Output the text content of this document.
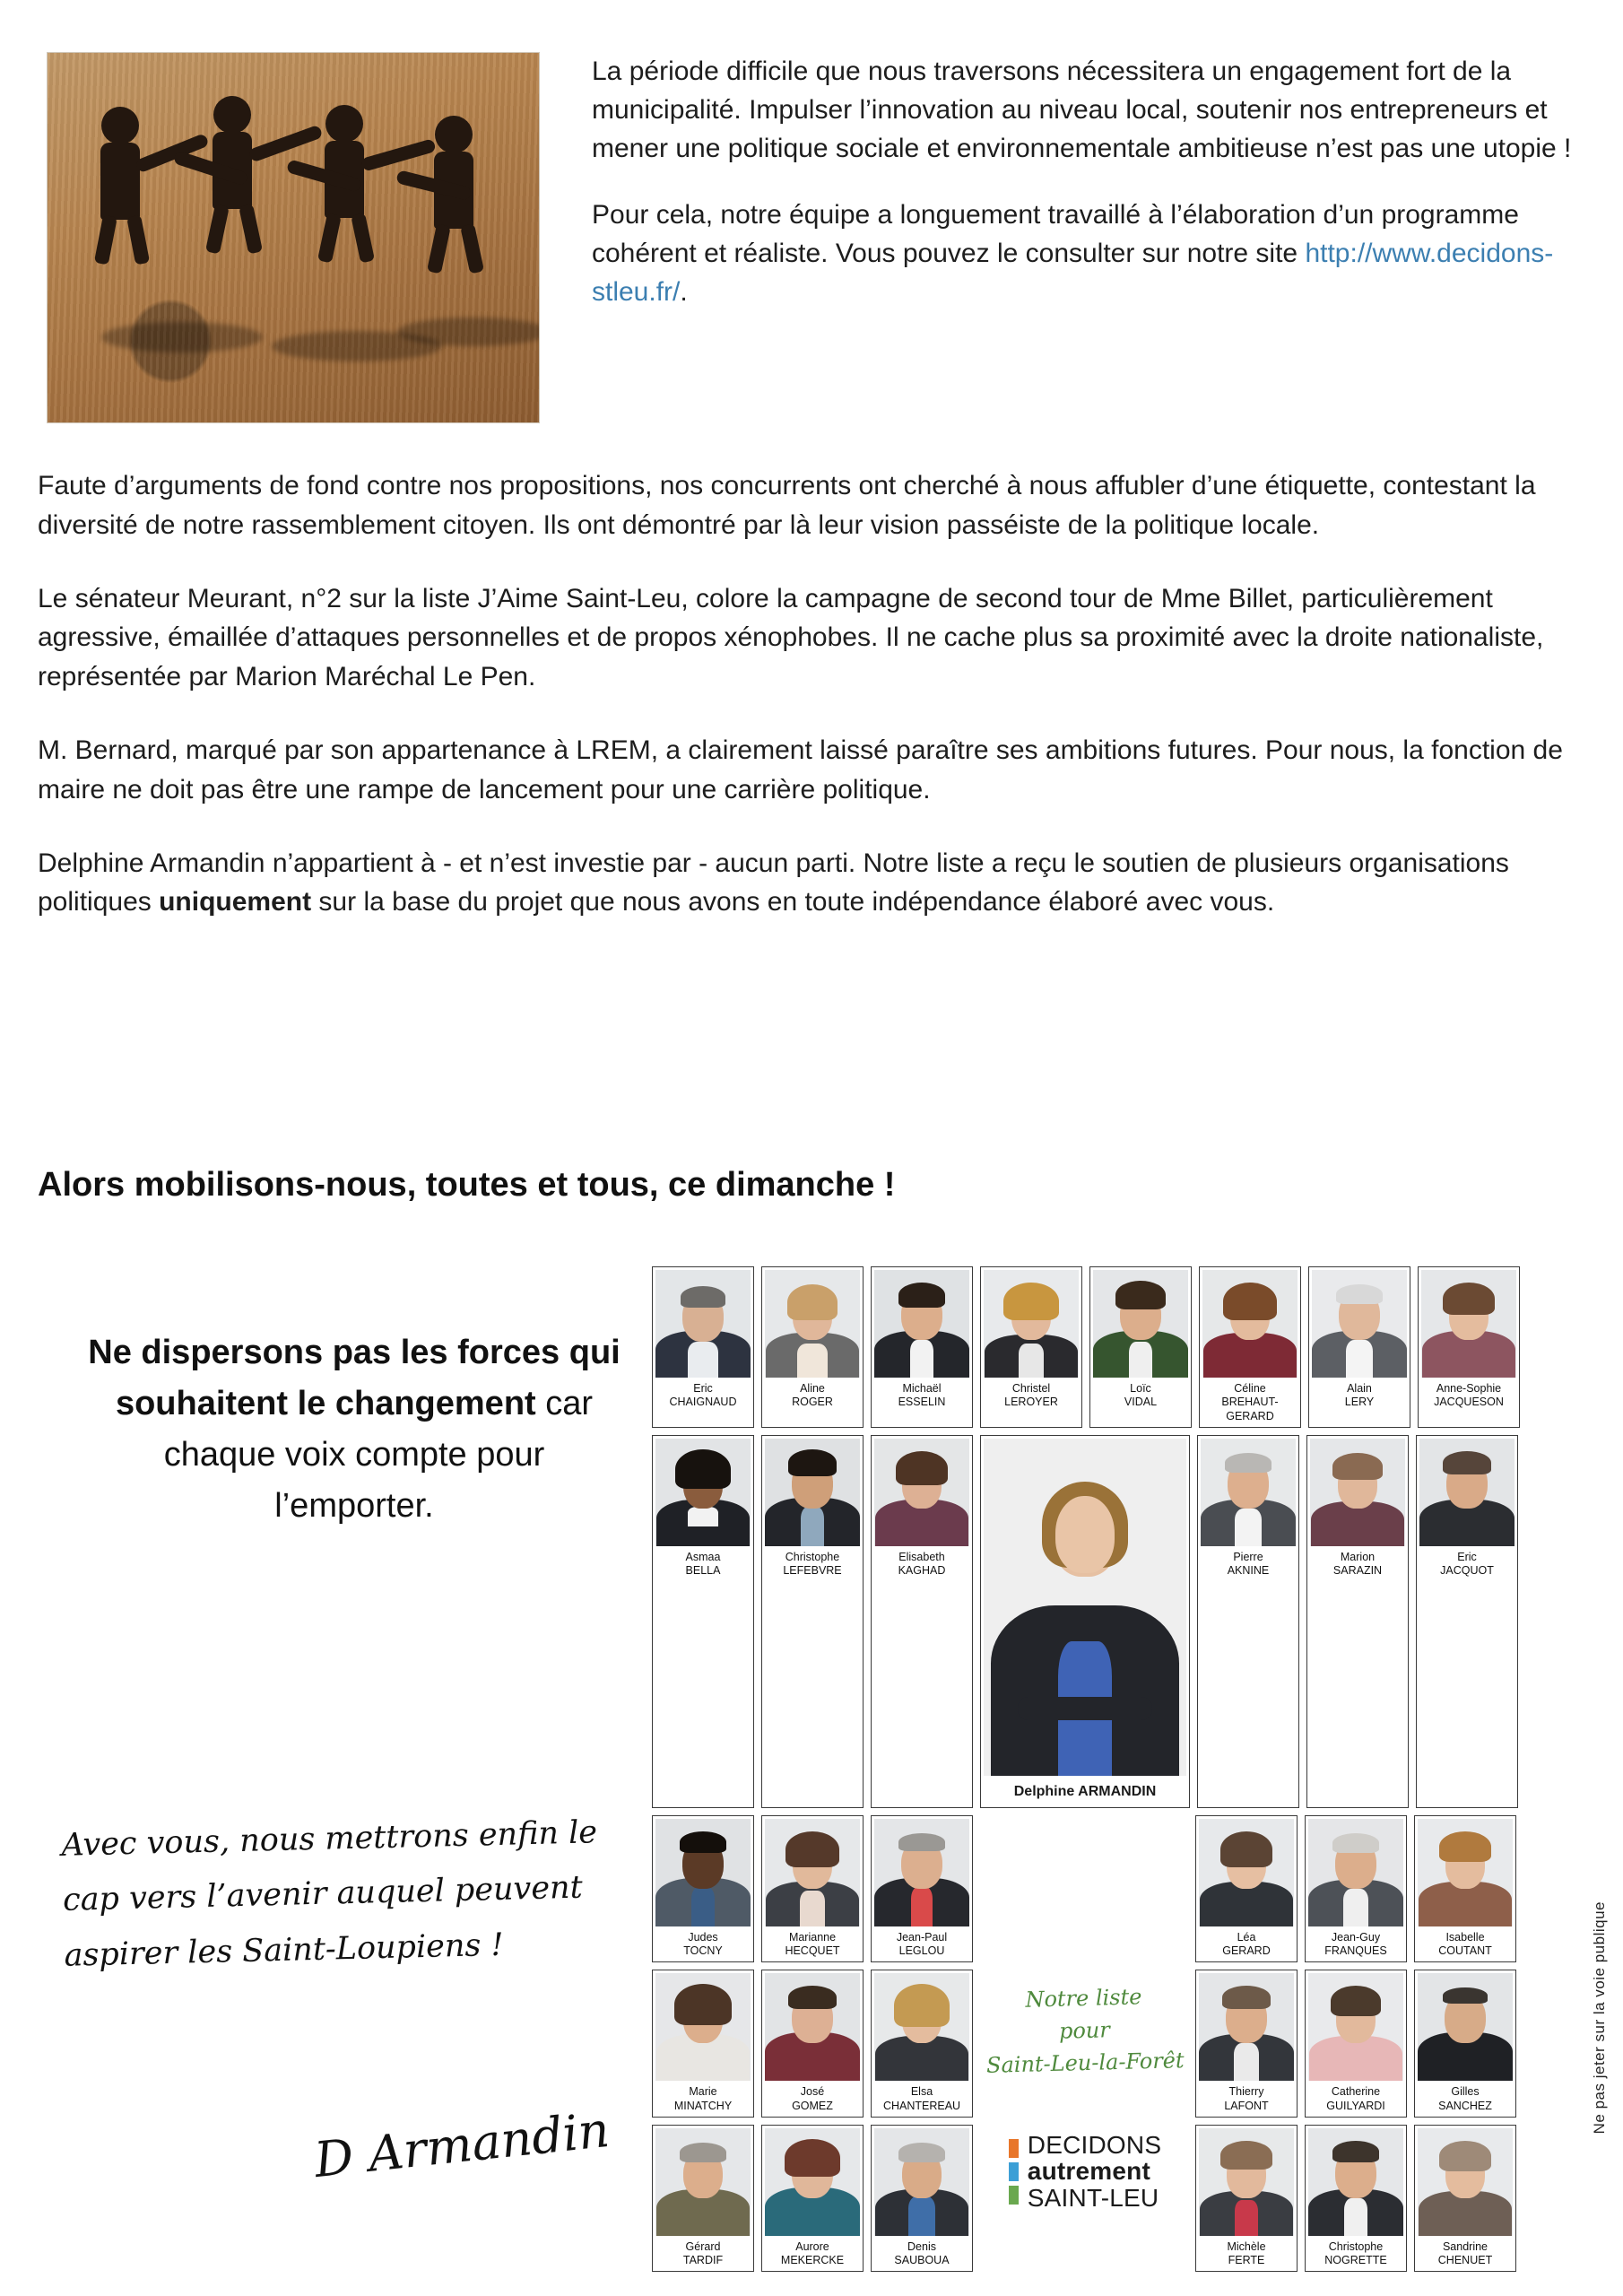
La période difficile que nous traversons nécessitera un engagement fort de la municipalité. Impulser l’innovation au niveau local, soutenir nos entrepreneurs et mener une politique sociale et environnementale ambitieuse n’est pas une utopie !

Pour cela, notre équipe a longuement travaillé à l’élaboration d’un programme cohérent et réaliste. Vous pouvez le consulter sur notre site http://www.decidons-stleu.fr/.

Faute d’arguments de fond contre nos propositions, nos concurrents ont cherché à nous affubler d’une étiquette, contestant la diversité de notre rassemblement citoyen. Ils ont démontré par là leur vision passéiste de la politique locale.

Le sénateur Meurant, n°2 sur la liste J’Aime Saint-Leu, colore la campagne de second tour de Mme Billet, particulièrement agressive, émaillée d’attaques personnelles et de propos xénophobes. Il ne cache plus sa proximité avec la droite nationaliste, représentée par Marion Maréchal Le Pen.

M. Bernard, marqué par son appartenance à LREM, a clairement laissé paraître ses ambitions futures. Pour nous, la fonction de maire ne doit pas être une rampe de lancement pour une carrière politique.

Delphine Armandin n’appartient à - et n’est investie par - aucun parti. Notre liste a reçu le soutien de plusieurs organisations politiques uniquement sur la base du projet que nous avons en toute indépendance élaboré avec vous.

Alors mobilisons-nous, toutes et tous, ce dimanche !
Ne dispersons pas les forces qui souhaitent le changement car chaque voix compte pour l’emporter.
Avec vous, nous mettrons enfin le cap vers l’avenir auquel peuvent aspirer les Saint-Loupiens !
D Armandin
Ne pas jeter sur la voie publique
Eric
CHAIGNAUD
Aline
ROGER
Michaël
ESSELIN
Christel
LEROYER
Loïc
VIDAL
Céline
BREHAUT-GERARD
Alain
LERY
Anne-Sophie
JACQUESON
Asmaa
BELLA
Christophe
LEFEBVRE
Elisabeth
KAGHAD
Delphine ARMANDIN
Pierre
AKNINE
Marion
SARAZIN
Eric
JACQUOT
Judes
TOCNY
Marianne
HECQUET
Jean-Paul
LEGLOU
Léa
GERARD
Jean-Guy
FRANQUES
Isabelle
COUTANT
Marie
MINATCHY
José
GOMEZ
Elsa
CHANTEREAU
Notre liste
pour
Saint-Leu-la-Forêt
Thierry
LAFONT
Catherine
GUILYARDI
Gilles
SANCHEZ
Gérard
TARDIF
Aurore
MEKERCKE
Denis
SAUBOUA
DECIDONS
autrement
SAINT-LEU
Michèle
FERTE
Christophe
NOGRETTE
Sandrine
CHENUET
